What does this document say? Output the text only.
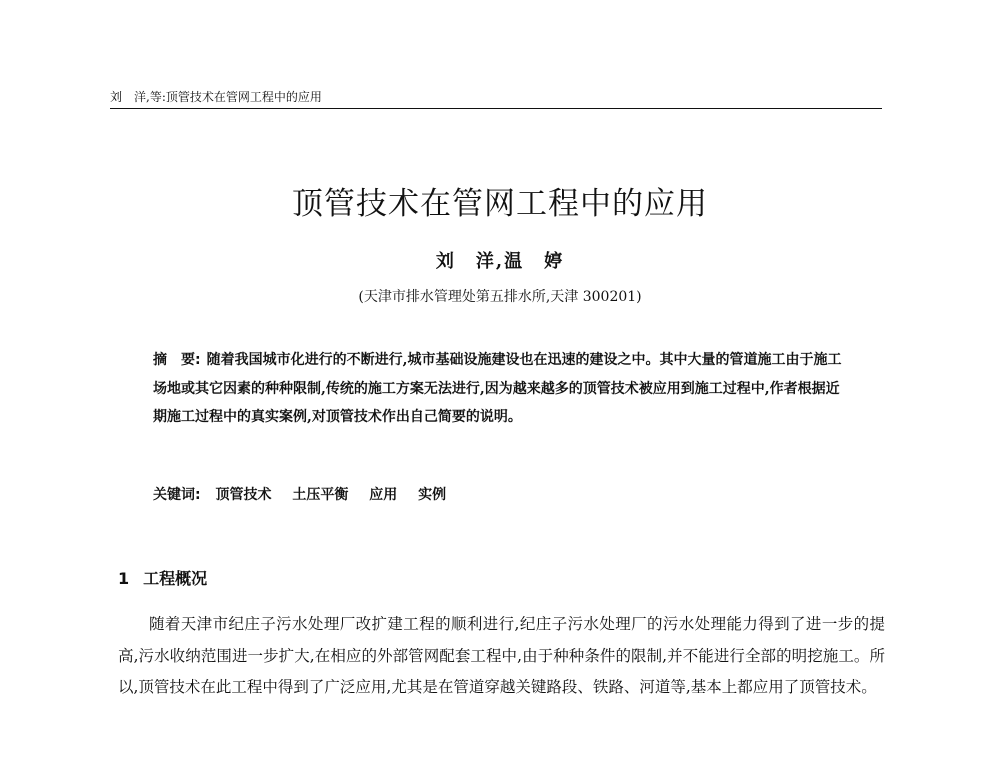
刘　洋,等:顶管技术在管网工程中的应用
顶管技术在管网工程中的应用
刘　洋,温　婷
(天津市排水管理处第五排水所,天津 300201)
摘　要: 随着我国城市化进行的不断进行,城市基础设施建设也在迅速的建设之中。其中大量的管道施工由于施工场地或其它因素的种种限制,传统的施工方案无法进行,因为越来越多的顶管技术被应用到施工过程中,作者根据近期施工过程中的真实案例,对顶管技术作出自己简要的说明。
关键词: 顶管技术 土压平衡 应用 实例
1 工程概况

随着天津市纪庄子污水处理厂改扩建工程的顺利进行,纪庄子污水处理厂的污水处理能力得到了进一步的提高,污水收纳范围进一步扩大,在相应的外部管网配套工程中,由于种种条件的限制,并不能进行全部的明挖施工。所以,顶管技术在此工程中得到了广泛应用,尤其是在管道穿越关键路段、铁路、河道等,基本上都应用了顶管技术。
